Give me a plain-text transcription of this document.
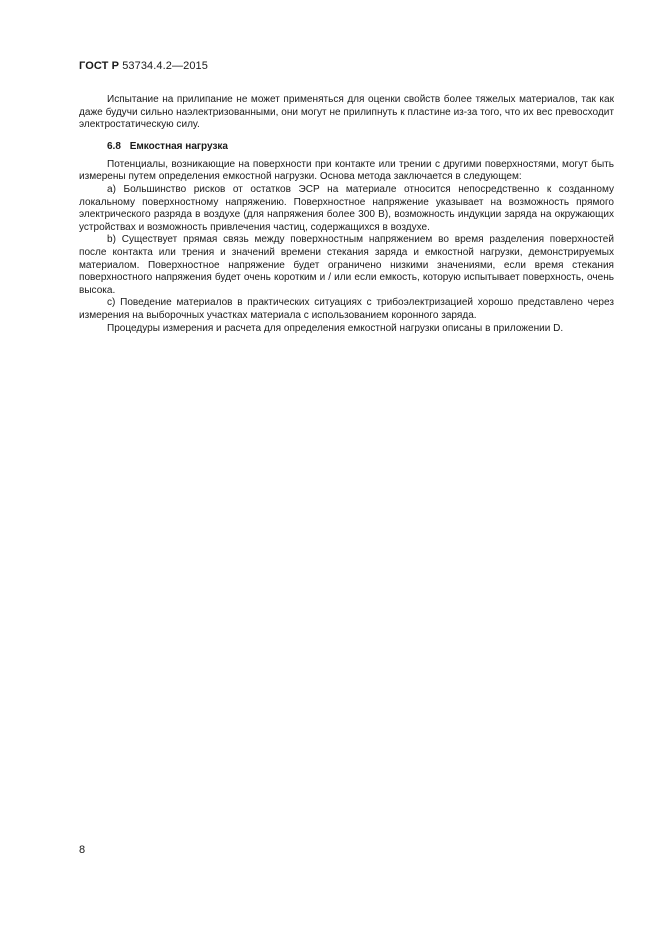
ГОСТ Р 53734.4.2—2015

Испытание на прилипание не может применяться для оценки свойств более тяжелых материалов, так как даже будучи сильно наэлектризованными, они могут не прилипнуть к пластине из-за того, что их вес превосходит электростатическую силу.

6.8 Емкостная нагрузка

Потенциалы, возникающие на поверхности при контакте или трении с другими поверхностями, могут быть измерены путем определения емкостной нагрузки. Основа метода заключается в следующем:

a) Большинство рисков от остатков ЭСР на материале относится непосредственно к созданному локальному поверхностному напряжению. Поверхностное напряжение указывает на возможность прямого электрического разряда в воздухе (для напряжения более 300 В), возможность индукции заряда на окружающих устройствах и возможность привлечения частиц, содержащихся в воздухе.

b) Существует прямая связь между поверхностным напряжением во время разделения поверхностей после контакта или трения и значений времени стекания заряда и емкостной нагрузки, демонстрируемых материалом. Поверхностное напряжение будет ограничено низкими значениями, если время стекания поверхностного напряжения будет очень коротким и / или если емкость, которую испытывает поверхность, очень высока.

c) Поведение материалов в практических ситуациях с трибоэлектризацией хорошо представлено через измерения на выборочных участках материала с использованием коронного заряда.

Процедуры измерения и расчета для определения емкостной нагрузки описаны в приложении D.

8
